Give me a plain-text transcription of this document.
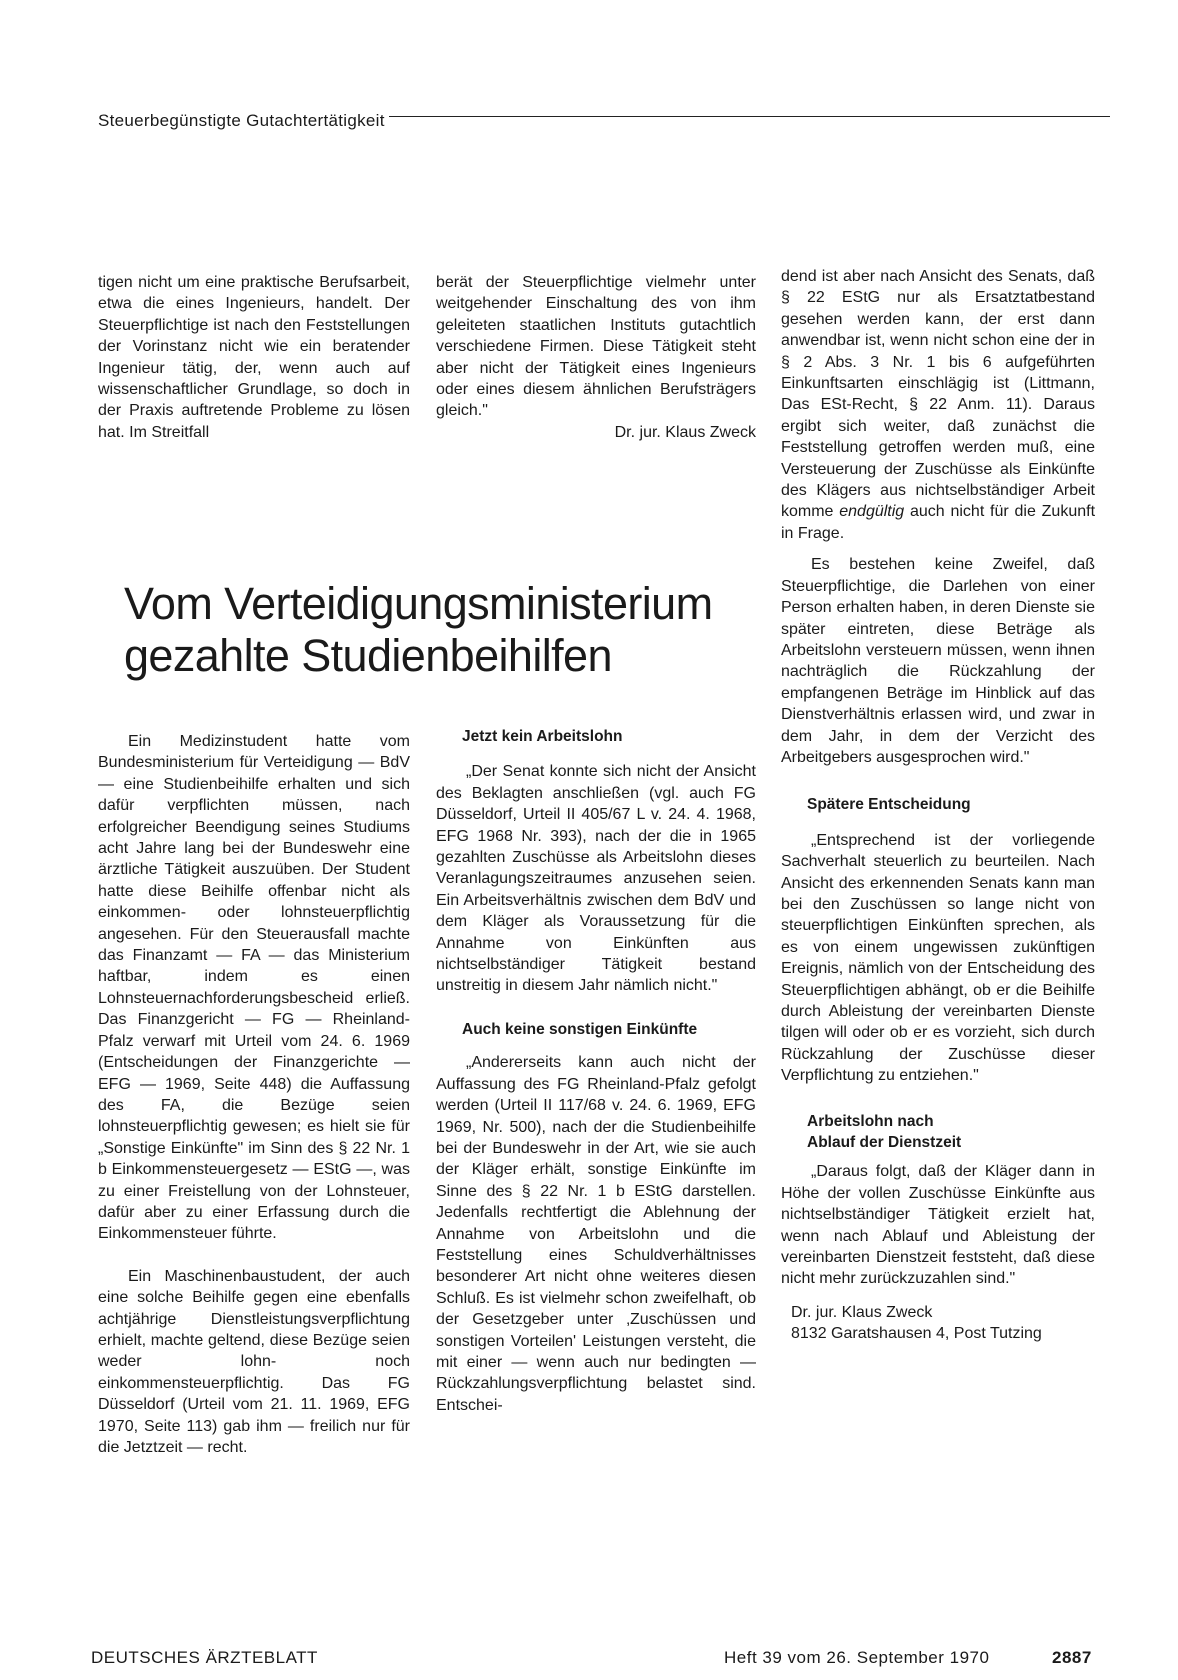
Steuerbegünstigte Gutachtertätigkeit

tigen nicht um eine praktische Berufsarbeit, etwa die eines Ingenieurs, handelt. Der Steuerpflichtige ist nach den Feststellungen der Vorinstanz nicht wie ein beratender Ingenieur tätig, der, wenn auch auf wissenschaftlicher Grundlage, so doch in der Praxis auftretende Probleme zu lösen hat. Im Streitfall

berät der Steuerpflichtige vielmehr unter weitgehender Einschaltung des von ihm geleiteten staatlichen Instituts gutachtlich verschiedene Firmen. Diese Tätigkeit steht aber nicht der Tätigkeit eines Ingenieurs oder eines diesem ähnlichen Berufsträgers gleich."

Dr. jur. Klaus Zweck

Vom Verteidigungsministerium
gezahlte Studienbeihilfen

Ein Medizinstudent hatte vom Bundesministerium für Verteidigung — BdV — eine Studienbeihilfe erhalten und sich dafür verpflichten müssen, nach erfolgreicher Beendigung seines Studiums acht Jahre lang bei der Bundeswehr eine ärztliche Tätigkeit auszuüben. Der Student hatte diese Beihilfe offenbar nicht als einkommen- oder lohnsteuerpflichtig angesehen. Für den Steuerausfall machte das Finanzamt — FA — das Ministerium haftbar, indem es einen Lohnsteuernachforderungsbescheid erließ. Das Finanzgericht — FG — Rheinland-Pfalz verwarf mit Urteil vom 24. 6. 1969 (Entscheidungen der Finanzgerichte — EFG — 1969, Seite 448) die Auffassung des FA, die Bezüge seien lohnsteuerpflichtig gewesen; es hielt sie für „Sonstige Einkünfte" im Sinn des § 22 Nr. 1 b Einkommensteuergesetz — EStG —, was zu einer Freistellung von der Lohnsteuer, dafür aber zu einer Erfassung durch die Einkommensteuer führte.

Ein Maschinenbaustudent, der auch eine solche Beihilfe gegen eine ebenfalls achtjährige Dienstleistungsverpflichtung erhielt, machte geltend, diese Bezüge seien weder lohn- noch einkommensteuerpflichtig. Das FG Düsseldorf (Urteil vom 21. 11. 1969, EFG 1970, Seite 113) gab ihm — freilich nur für die Jetztzeit — recht.

Jetzt kein Arbeitslohn

„Der Senat konnte sich nicht der Ansicht des Beklagten anschließen (vgl. auch FG Düsseldorf, Urteil II 405/67 L v. 24. 4. 1968, EFG 1968 Nr. 393), nach der die in 1965 gezahlten Zuschüsse als Arbeitslohn dieses Veranlagungszeitraumes anzusehen seien. Ein Arbeitsverhältnis zwischen dem BdV und dem Kläger als Voraussetzung für die Annahme von Einkünften aus nichtselbständiger Tätigkeit bestand unstreitig in diesem Jahr nämlich nicht."

Auch keine sonstigen Einkünfte

„Andererseits kann auch nicht der Auffassung des FG Rheinland-Pfalz gefolgt werden (Urteil II 117/68 v. 24. 6. 1969, EFG 1969, Nr. 500), nach der die Studienbeihilfe bei der Bundeswehr in der Art, wie sie auch der Kläger erhält, sonstige Einkünfte im Sinne des § 22 Nr. 1 b EStG darstellen. Jedenfalls rechtfertigt die Ablehnung der Annahme von Arbeitslohn und die Feststellung eines Schuldverhältnisses besonderer Art nicht ohne weiteres diesen Schluß. Es ist vielmehr schon zweifelhaft, ob der Gesetzgeber unter ‚Zuschüssen und sonstigen Vorteilen' Leistungen versteht, die mit einer — wenn auch nur bedingten — Rückzahlungsverpflichtung belastet sind. Entschei-

dend ist aber nach Ansicht des Senats, daß § 22 EStG nur als Ersatztatbestand gesehen werden kann, der erst dann anwendbar ist, wenn nicht schon eine der in § 2 Abs. 3 Nr. 1 bis 6 aufgeführten Einkunftsarten einschlägig ist (Littmann, Das ESt-Recht, § 22 Anm. 11). Daraus ergibt sich weiter, daß zunächst die Feststellung getroffen werden muß, eine Versteuerung der Zuschüsse als Einkünfte des Klägers aus nichtselbständiger Arbeit komme endgültig auch nicht für die Zukunft in Frage.

Es bestehen keine Zweifel, daß Steuerpflichtige, die Darlehen von einer Person erhalten haben, in deren Dienste sie später eintreten, diese Beträge als Arbeitslohn versteuern müssen, wenn ihnen nachträglich die Rückzahlung der empfangenen Beträge im Hinblick auf das Dienstverhältnis erlassen wird, und zwar in dem Jahr, in dem der Verzicht des Arbeitgebers ausgesprochen wird."

Spätere Entscheidung

„Entsprechend ist der vorliegende Sachverhalt steuerlich zu beurteilen. Nach Ansicht des erkennenden Senats kann man bei den Zuschüssen so lange nicht von steuerpflichtigen Einkünften sprechen, als es von einem ungewissen zukünftigen Ereignis, nämlich von der Entscheidung des Steuerpflichtigen abhängt, ob er die Beihilfe durch Ableistung der vereinbarten Dienste tilgen will oder ob er es vorzieht, sich durch Rückzahlung der Zuschüsse dieser Verpflichtung zu entziehen."

Arbeitslohn nach
Ablauf der Dienstzeit

„Daraus folgt, daß der Kläger dann in Höhe der vollen Zuschüsse Einkünfte aus nichtselbständiger Tätigkeit erzielt hat, wenn nach Ablauf und Ableistung der vereinbarten Dienstzeit feststeht, daß diese nicht mehr zurückzuzahlen sind."

Dr. jur. Klaus Zweck

8132 Garatshausen 4, Post Tutzing

DEUTSCHES ÄRZTEBLATT	Heft 39 vom 26. September 1970	2887
